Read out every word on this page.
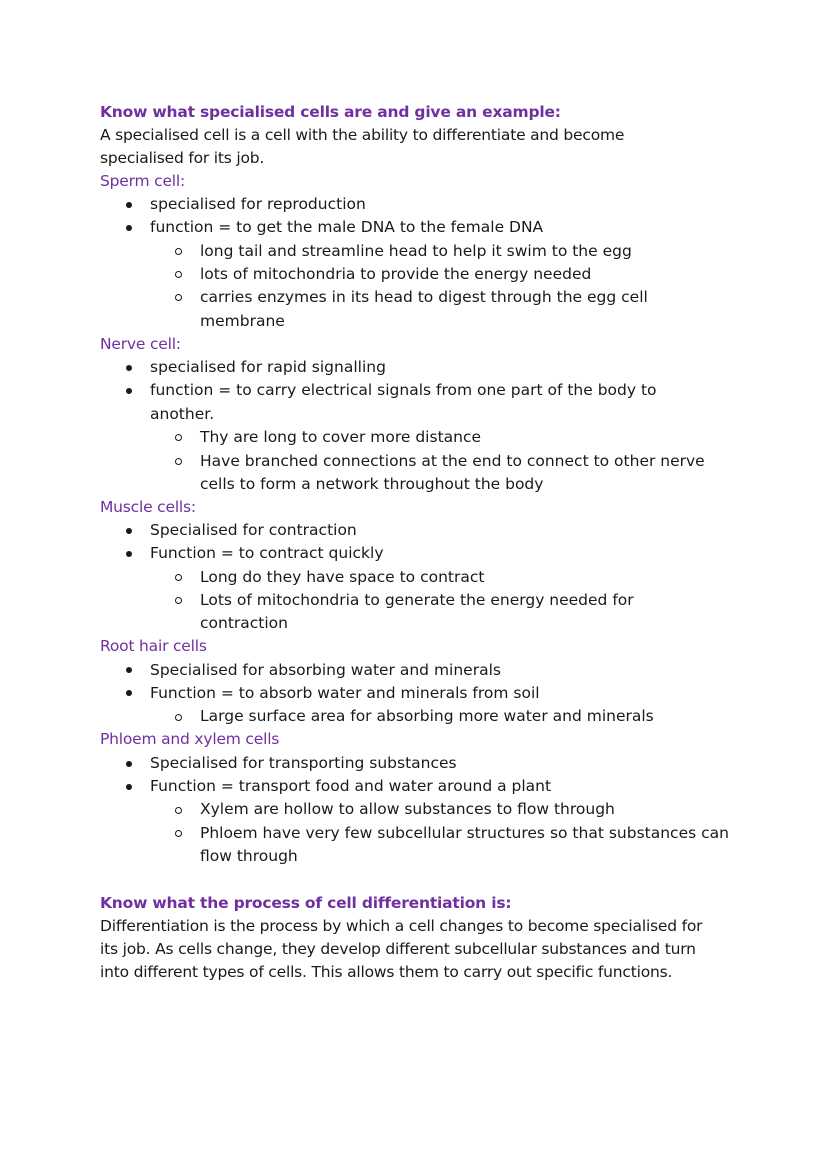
Know what specialised cells are and give an example:
A specialised cell is a cell with the ability to differentiate and become
specialised for its job.
Sperm cell:
specialised for reproduction
function = to get the male DNA to the female DNA
long tail and streamline head to help it swim to the egg
lots of mitochondria to provide the energy needed
carries enzymes in its head to digest through the egg cell
membrane
Nerve cell:
specialised for rapid signalling
function = to carry electrical signals from one part of the body to
another.
Thy are long to cover more distance
Have branched connections at the end to connect to other nerve
cells to form a network throughout the body
Muscle cells:
Specialised for contraction
Function = to contract quickly
Long do they have space to contract
Lots of mitochondria to generate the energy needed for
contraction
Root hair cells
Specialised for absorbing water and minerals
Function = to absorb water and minerals from soil
Large surface area for absorbing more water and minerals
Phloem and xylem cells
Specialised for transporting substances
Function = transport food and water around a plant
Xylem are hollow to allow substances to flow through
Phloem have very few subcellular structures so that substances can
flow through
Know what the process of cell differentiation is:
Differentiation is the process by which a cell changes to become specialised for
its job. As cells change, they develop different subcellular substances and turn
into different types of cells. This allows them to carry out specific functions.
